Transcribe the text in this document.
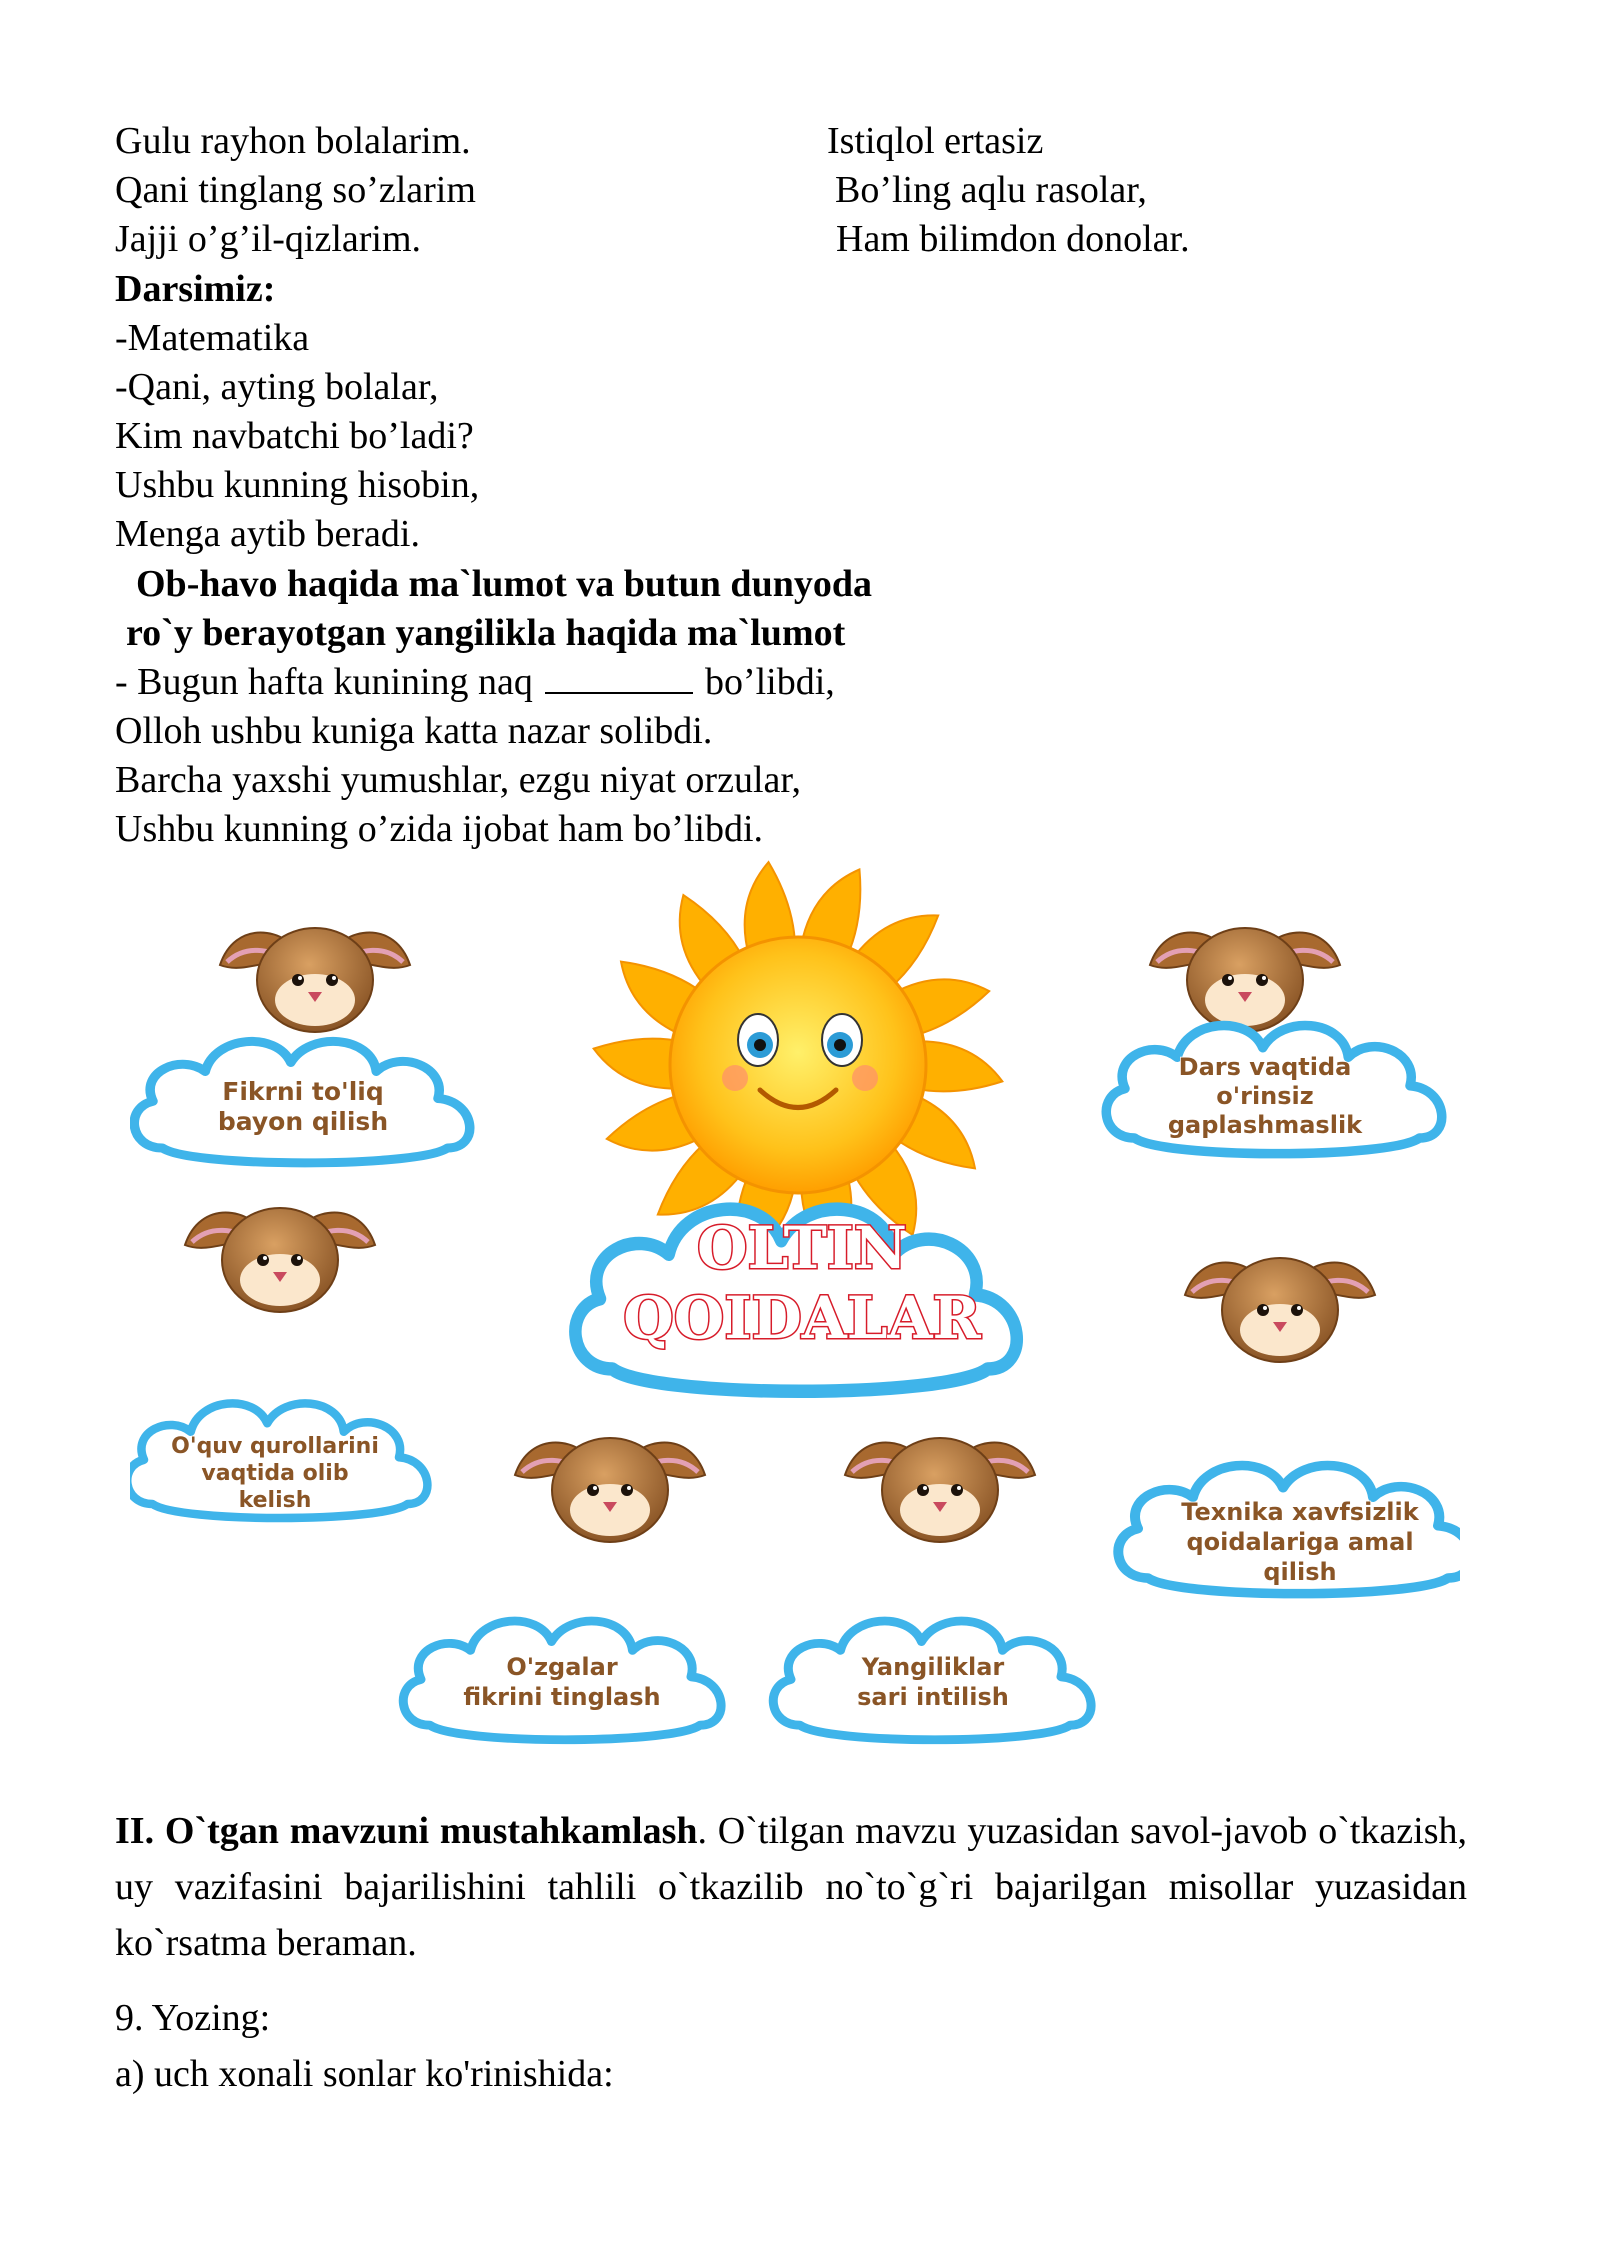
Gulu rayhon bolalarim.
Qani tinglang so’zlarim
Jajji o’g’il-qizlarim.
Istiqlol ertasiz
Bo’ling aqlu rasolar,
Ham bilimdon donolar.
Darsimiz:
-Matematika
-Qani, ayting bolalar,
Kim navbatchi bo’ladi?
Ushbu kunning hisobin,
Menga aytib beradi.
Ob-havo haqida ma`lumot va butun dunyoda
ro`y berayotgan yangilikla haqida ma`lumot
- Bugun hafta kunining naq	bo’libdi,
Olloh ushbu kuniga katta nazar solibdi.
Barcha yaxshi yumushlar, ezgu niyat orzular,
Ushbu kunning o’zida ijobat ham bo’libdi.
OLTIN
QOIDALAR
Fikrni to'liq
bayon qilish
Dars vaqtida
o'rinsiz
gaplashmaslik
O'quv qurollarini
vaqtida olib
kelish	Texnika xavfsizlik
qoidalariga amal
qilish
O'zgalar
fikrini tinglash
Yangiliklar
sari intilish
II. O`tgan mavzuni mustahkamlash. O`tilgan mavzu yuzasidan savol-javob o`tkazish, uy vazifasini bajarilishini tahlili o`tkazilib no`to`g`ri bajarilgan misollar yuzasidan ko`rsatma beraman.
9. Yozing:
a) uch xonali sonlar ko'rinishida:
